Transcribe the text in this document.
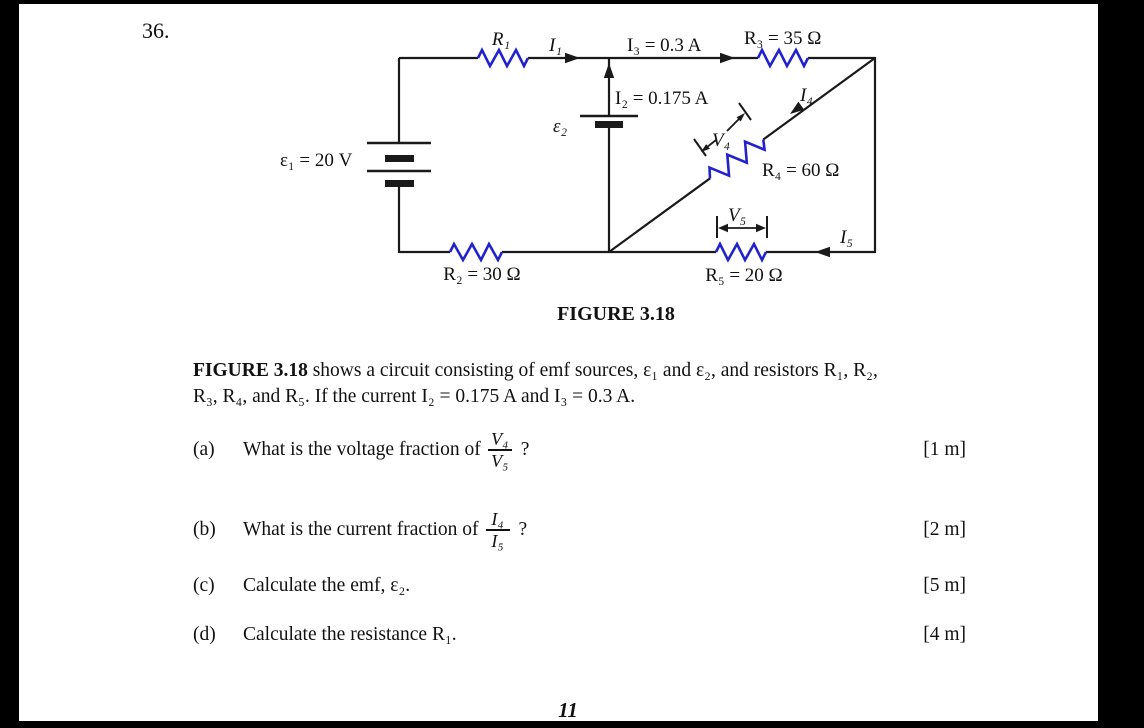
36.	R₁ I₁	I₃ = 0.3 A R₃ = 35 Ω
I₄
ε₁ = 20 V
ε₂
I₂ = 0.175 A
V₄
R₄ = 60 Ω
V₅
R₅ = 20 Ω
I₅
R₂ = 30 Ω
FIGURE 3.18
FIGURE 3.18 shows a circuit consisting of emf sources, ε₁ and ε₂, and resistors R₁, R₂,
R₃, R₄, and R₅. If the current I₂ = 0.175 A and I₃ = 0.3 A.
(a)	What is the voltage fraction of $\frac{\text{V₄}}{\text{V₅}}$ ?	[1 m]
(b)	What is the current fraction of $\frac{\text{I₄}}{\text{I₅}}$ ?	[2 m]
(c)	Calculate the emf, ε₂.	[5 m]
(d)	Calculate the resistance R₁.	[4 m]
11
